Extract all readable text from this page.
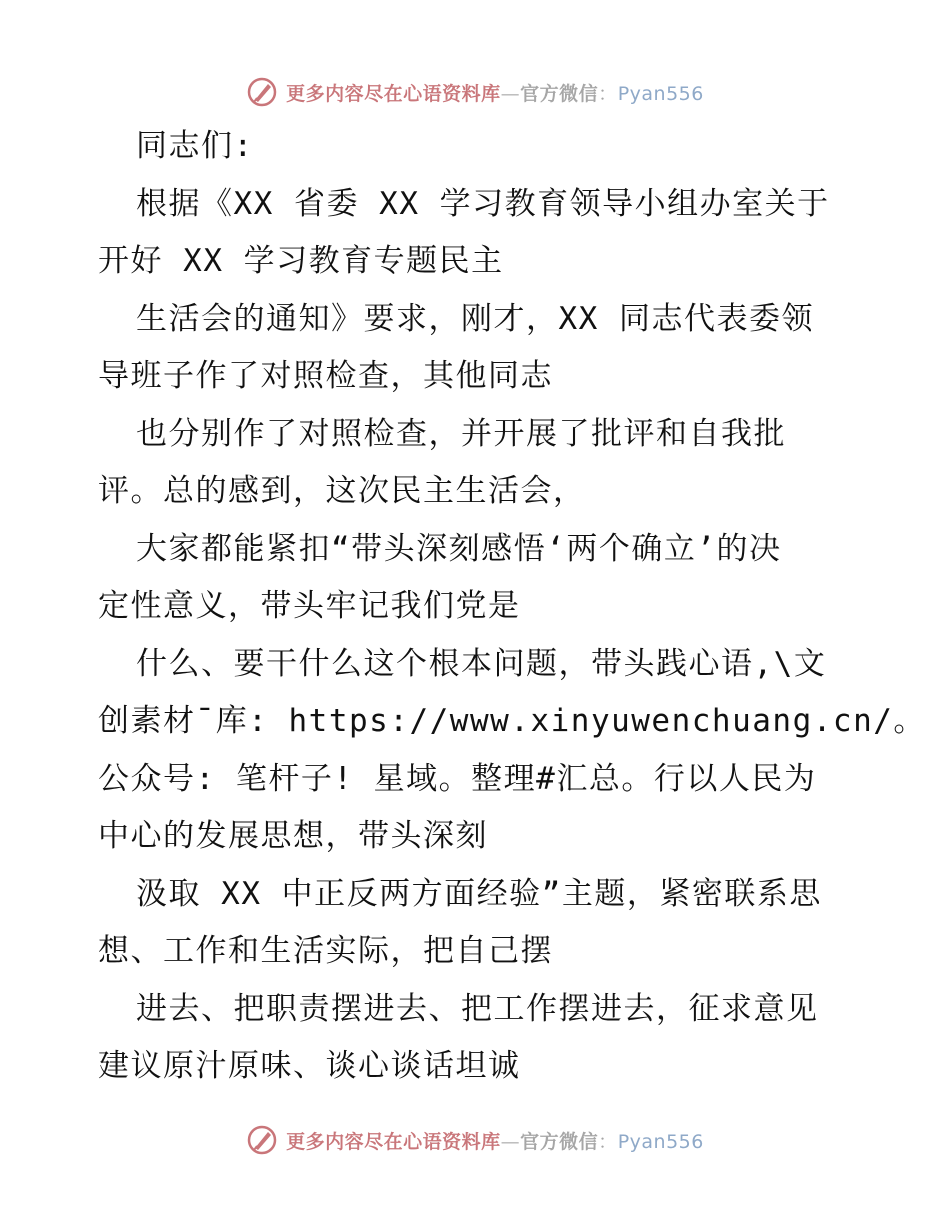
更多内容尽在心语资料库—官方微信：Pyan556
同志们:
根据《XX 省委 XX 学习教育领导小组办室关于
开好 XX 学习教育专题民主
生活会的通知》要求，刚才，XX 同志代表委领
导班子作了对照检查，其他同志
也分别作了对照检查，并开展了批评和自我批
评。总的感到，这次民主生活会，
大家都能紧扣“带头深刻感悟‘两个确立’的决
定性意义，带头牢记我们党是
什么、要干什么这个根本问题，带头践心语,\文
创素材¯库: https://www.xinyuwenchuang.cn/。
公众号: 笔杆子! 星域。整理#汇总。行以人民为
中心的发展思想，带头深刻
汲取 XX 中正反两方面经验”主题，紧密联系思
想、工作和生活实际，把自己摆
进去、把职责摆进去、把工作摆进去，征求意见
建议原汁原味、谈心谈话坦诚
更多内容尽在心语资料库—官方微信：Pyan556
